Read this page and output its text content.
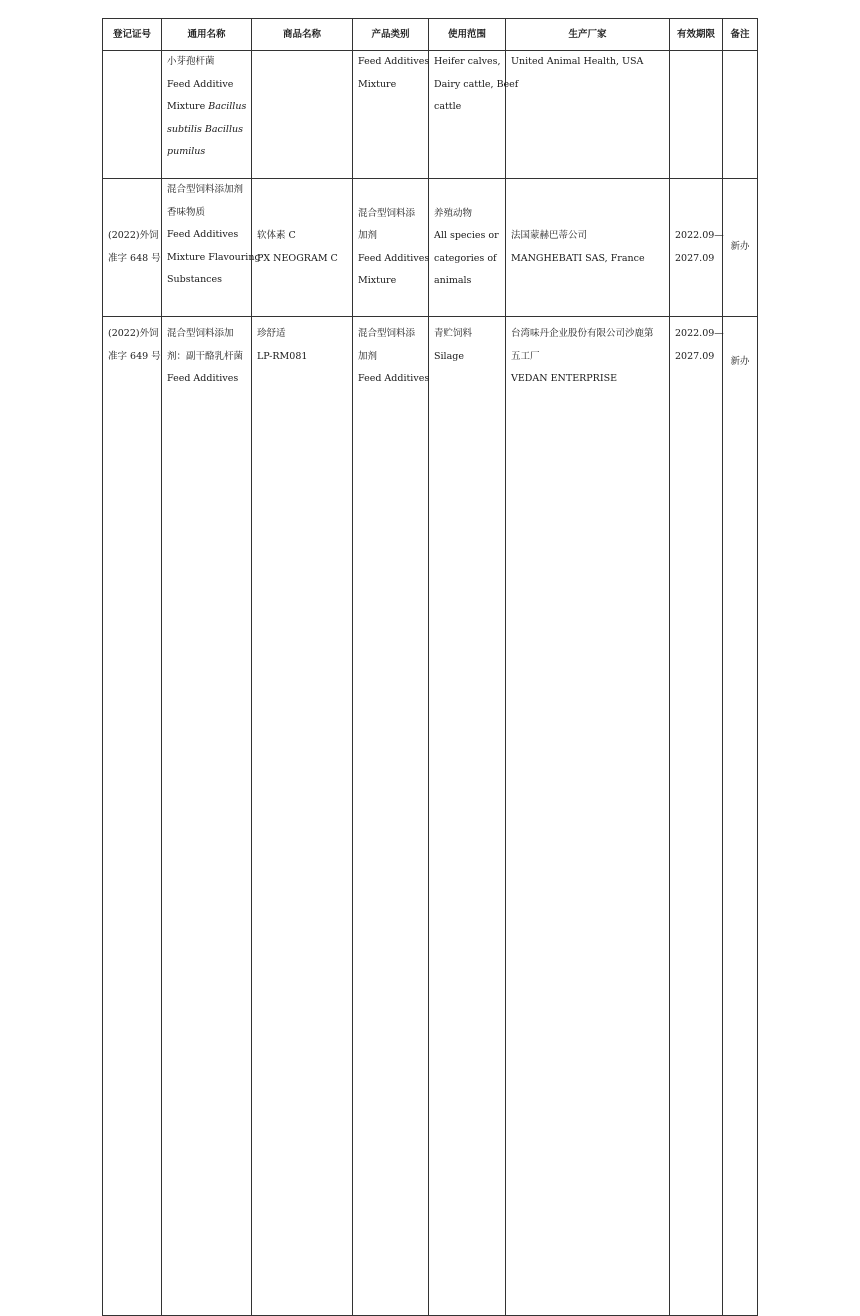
登记证号	通用名称	商品名称	产品类别	使用范围	生产厂家	有效期限	备注

	小芽孢杆菌
Feed Additive
Mixture Bacillus
subtilis Bacillus
pumilus		Feed Additives
Mixture	Heifer calves,
Dairy cattle, Beef
cattle	United Animal Health, USA		

(2022)外饲
准字 648 号	混合型饲料添加剂
香味物质
Feed Additives
Mixture Flavouring
Substances	软体素 C
PX NEOGRAM C	混合型饲料添
加剂
Feed Additives
Mixture	养殖动物
All species or
categories of
animals	法国蒙赫巴蒂公司
MANGHEBATI SAS, France	2022.09—
2027.09	新办

(2022)外饲
准字 649 号	混合型饲料添加
剂：副干酪乳杆菌
Feed Additives	珍舒适
LP-RM081	混合型饲料添
加剂
Feed Additives	青贮饲料
Silage	台湾味丹企业股份有限公司沙鹿第
五工厂
VEDAN ENTERPRISE	2022.09—
2027.09	新办
